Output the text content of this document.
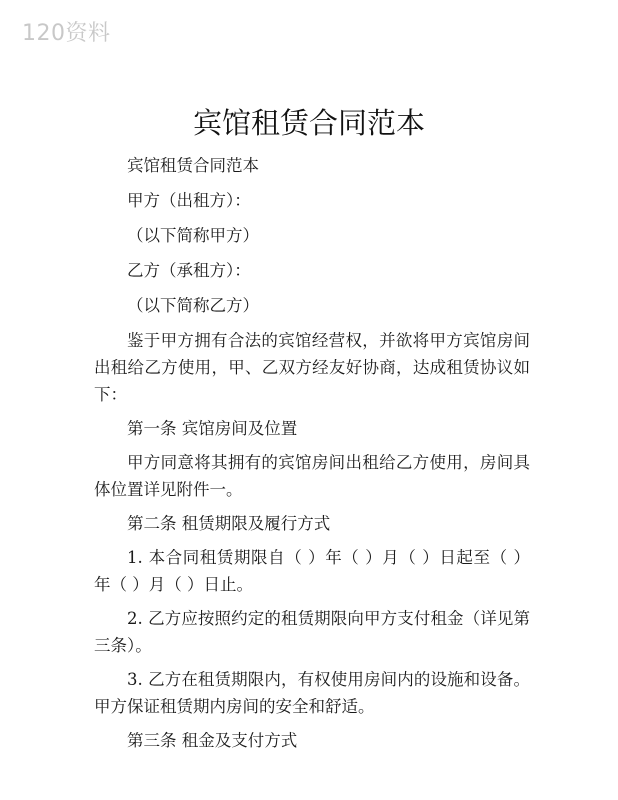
120资料
宾馆租赁合同范本

宾馆租赁合同范本

甲方（出租方）：

（以下简称甲方）

乙方（承租方）：

（以下简称乙方）

鉴于甲方拥有合法的宾馆经营权，并欲将甲方宾馆房间出租给乙方使用，甲、乙双方经友好协商，达成租赁协议如下：

第一条 宾馆房间及位置

甲方同意将其拥有的宾馆房间出租给乙方使用，房间具体位置详见附件一。

第二条 租赁期限及履行方式

1. 本合同租赁期限自（ ）年（ ）月（ ）日起至（ ）年（ ）月（ ）日止。

2. 乙方应按照约定的租赁期限向甲方支付租金（详见第三条）。

3. 乙方在租赁期限内，有权使用房间内的设施和设备。甲方保证租赁期内房间的安全和舒适。

第三条 租金及支付方式
